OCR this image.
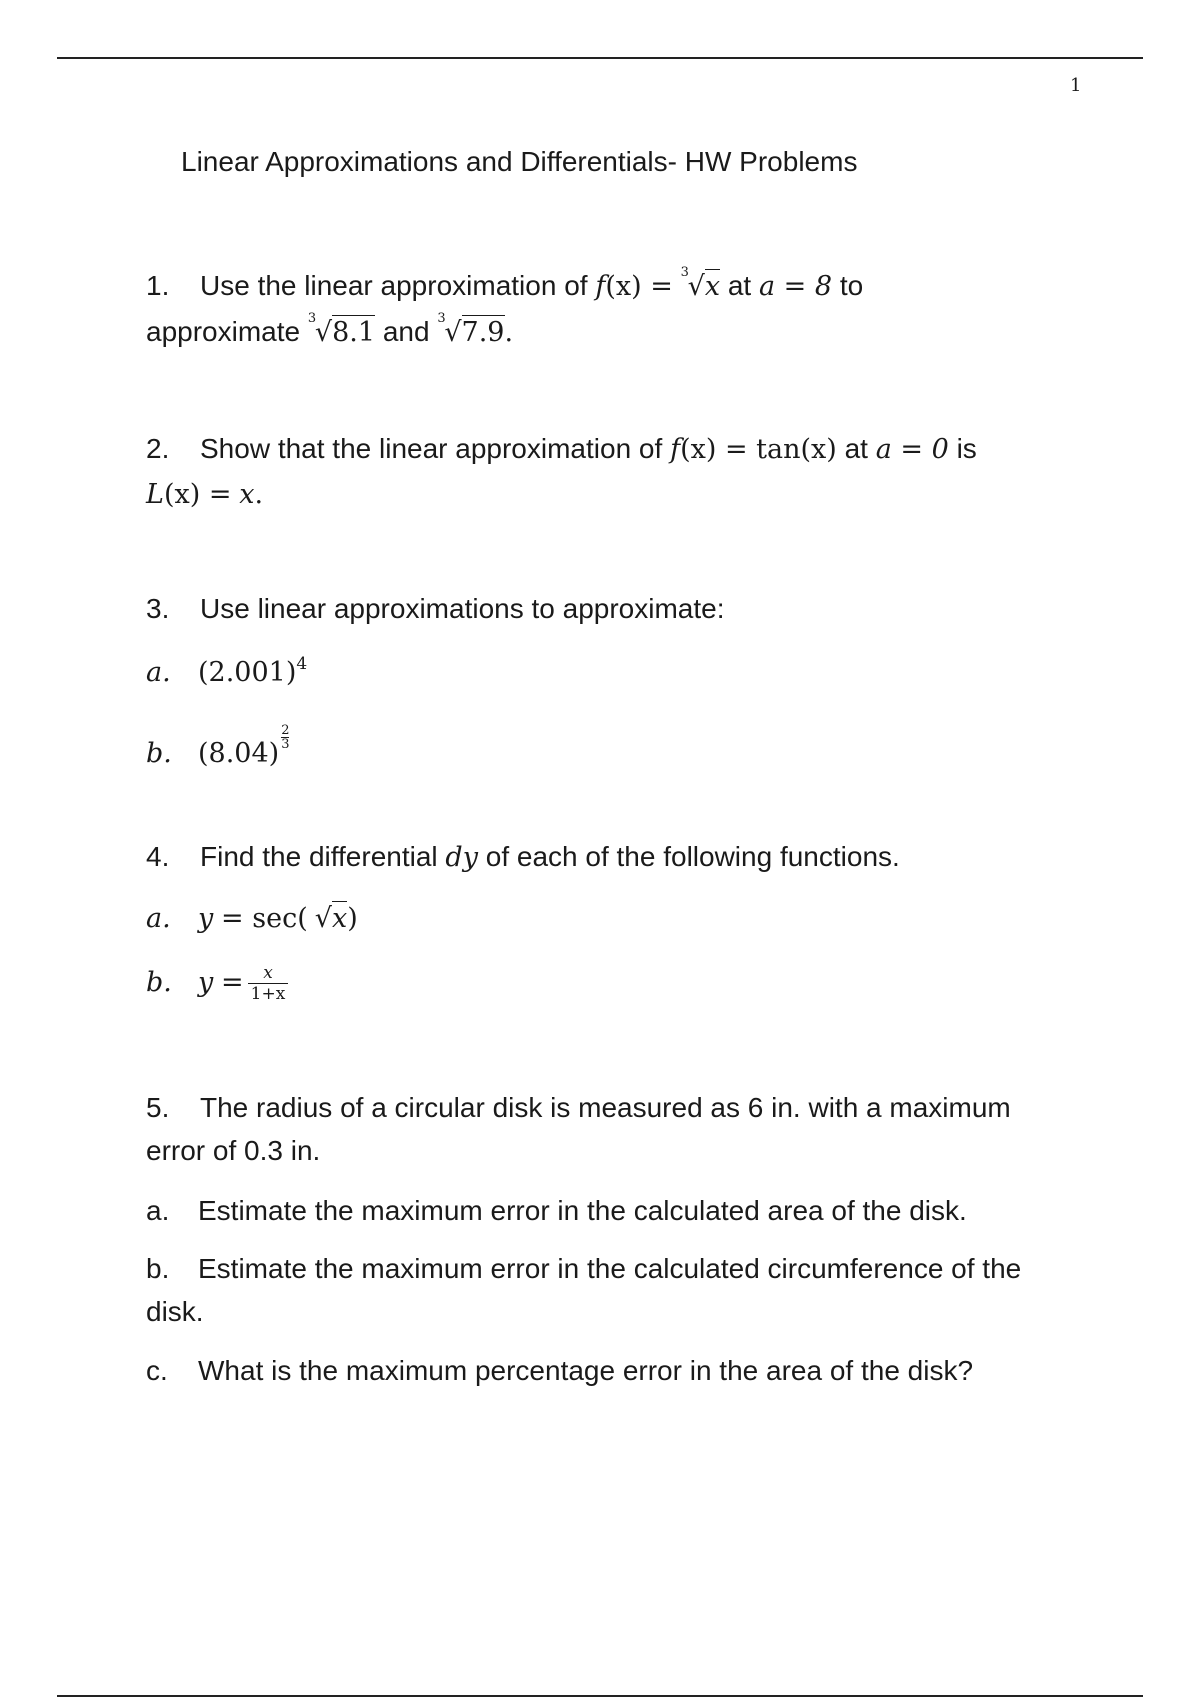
1
Linear Approximations and Differentials- HW Problems
1. Use the linear approximation of f(x) = 3
√x at a = 8 to
approximate 3
√8.1 and 3
√7.9.
2. Show that the linear approximation of f(x) = tan(x) at a = 0 is
L(x) = x.
3. Use linear approximations to approximate:
a. $(2.001)^4$
b. (8.04)
$\frac{2}{3}$
4. Find the differential dy of each of the following functions.
a. y = sec( √x)
b. $y = \frac{x}{1+x}$
5. The radius of a circular disk is measured as 6 in. with a maximum
error of 0.3 in.
a. Estimate the maximum error in the calculated area of the disk.
b. Estimate the maximum error in the calculated circumference of the
disk.
c. What is the maximum percentage error in the area of the disk?
